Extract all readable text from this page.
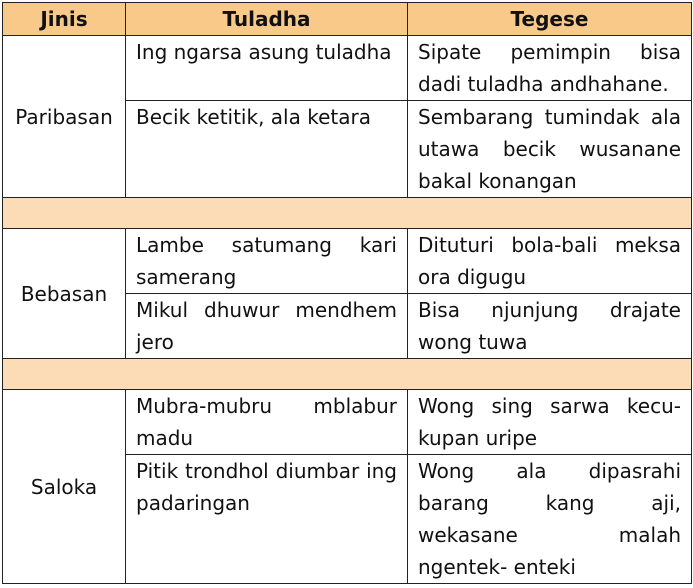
Jinis	Tuladha	Tegese
Paribasan	Ing ngarsa asung tuladha	Sipate pemimpin bisa dadi tuladha andhahane.
	Becik ketitik, ala ketara	Sembarang tumindak ala utawa becik wusanane bakal konangan

Bebasan	Lambe satumang kari samerang	Dituturi bola-bali meksa ora digugu
	Mikul dhuwur mendhem jero	Bisa njunjung drajate wong tuwa

Saloka	Mubra-mubru mblabur madu	Wong sing sarwa kecu-kupan uripe
	Pitik trondhol diumbar ing padaringan	Wong ala dipasrahi barang kang aji, wekasane malah ngentek- enteki
